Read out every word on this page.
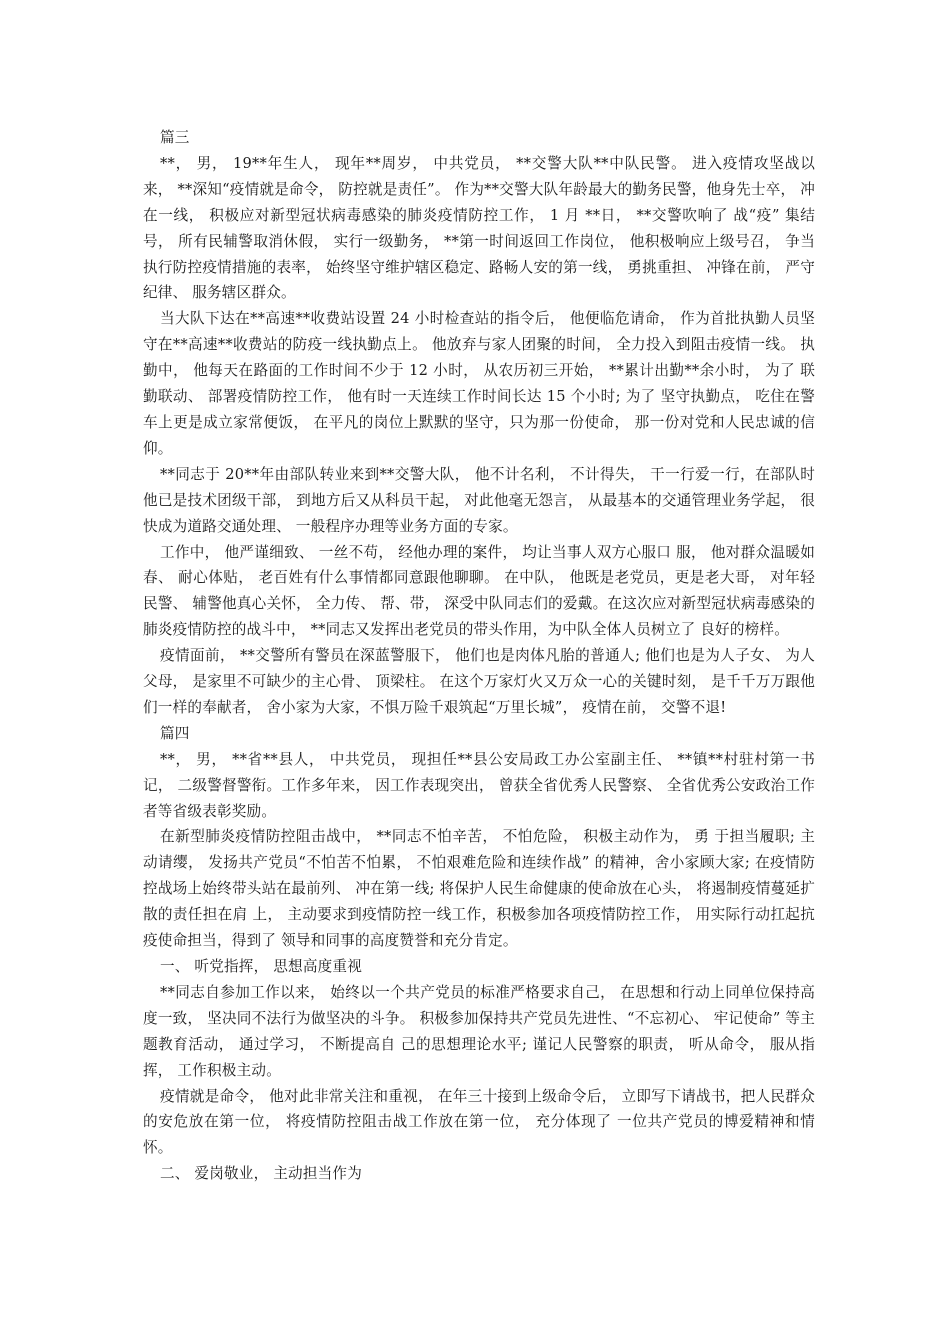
篇三

**， 男， 19**年生人， 现年**周岁， 中共党员， **交警大队**中队民警。 进入疫情攻坚战以来， **深知“疫情就是命令， 防控就是责任”。 作为**交警大队年龄最大的勤务民警，他身先士卒， 冲在一线， 积极应对新型冠状病毒感染的肺炎疫情防控工作， 1 月 **日， **交警吹响了 战“疫” 集结号， 所有民辅警取消休假， 实行一级勤务， **第一时间返回工作岗位， 他积极响应上级号召， 争当执行防控疫情措施的表率， 始终坚守维护辖区稳定、路畅人安的第一线， 勇挑重担、 冲锋在前， 严守纪律、 服务辖区群众。

当大队下达在**高速**收费站设置 24 小时检查站的指令后， 他便临危请命， 作为首批执勤人员坚守在**高速**收费站的防疫一线执勤点上。 他放弃与家人团聚的时间， 全力投入到阻击疫情一线。 执勤中， 他每天在路面的工作时间不少于 12 小时， 从农历初三开始， **累计出勤**余小时， 为了 联勤联动、 部署疫情防控工作， 他有时一天连续工作时间长达 15 个小时; 为了 坚守执勤点， 吃住在警车上更是成立家常便饭， 在平凡的岗位上默默的坚守，只为那一份使命， 那一份对党和人民忠诚的信仰。

**同志于 20**年由部队转业来到**交警大队， 他不计名利， 不计得失， 干一行爱一行，在部队时他已是技术团级干部， 到地方后又从科员干起， 对此他毫无怨言， 从最基本的交通管理业务学起， 很快成为道路交通处理、 一般程序办理等业务方面的专家。

工作中， 他严谨细致、 一丝不苟， 经他办理的案件， 均让当事人双方心服口 服， 他对群众温暖如春、 耐心体贴， 老百姓有什么事情都同意跟他聊聊。 在中队， 他既是老党员，更是老大哥， 对年轻民警、 辅警他真心关怀， 全力传、 帮、带， 深受中队同志们的爱戴。在这次应对新型冠状病毒感染的肺炎疫情防控的战斗中， **同志又发挥出老党员的带头作用，为中队全体人员树立了 良好的榜样。

疫情面前， **交警所有警员在深蓝警服下， 他们也是肉体凡胎的普通人; 他们也是为人子女、 为人父母， 是家里不可缺少的主心骨、 顶梁柱。 在这个万家灯火又万众一心的关键时刻， 是千千万万跟他们一样的奉献者， 舍小家为大家，不惧万险千艰筑起“万里长城”， 疫情在前， 交警不退!

篇四

**， 男， **省**县人， 中共党员， 现担任**县公安局政工办公室副主任、 **镇**村驻村第一书记， 二级警督警衔。工作多年来， 因工作表现突出， 曾获全省优秀人民警察、 全省优秀公安政治工作者等省级表彰奖励。

在新型肺炎疫情防控阻击战中， **同志不怕辛苦， 不怕危险， 积极主动作为， 勇 于担当履职; 主动请缨， 发扬共产党员“不怕苦不怕累， 不怕艰难危险和连续作战” 的精神，舍小家顾大家; 在疫情防控战场上始终带头站在最前列、 冲在第一线; 将保护人民生命健康的使命放在心头， 将遏制疫情蔓延扩散的责任担在肩 上， 主动要求到疫情防控一线工作，积极参加各项疫情防控工作， 用实际行动扛起抗疫使命担当，得到了 领导和同事的高度赞誉和充分肯定。

一、 听党指挥， 思想高度重视

**同志自参加工作以来， 始终以一个共产党员的标准严格要求自己， 在思想和行动上同单位保持高度一致， 坚决同不法行为做坚决的斗争。 积极参加保持共产党员先进性、“不忘初心、 牢记使命” 等主题教育活动， 通过学习， 不断提高自 己的思想理论水平; 谨记人民警察的职责， 听从命令， 服从指挥， 工作积极主动。

疫情就是命令， 他对此非常关注和重视， 在年三十接到上级命令后， 立即写下请战书，把人民群众的安危放在第一位， 将疫情防控阻击战工作放在第一位， 充分体现了 一位共产党员的博爱精神和情怀。

二、 爱岗敬业， 主动担当作为
